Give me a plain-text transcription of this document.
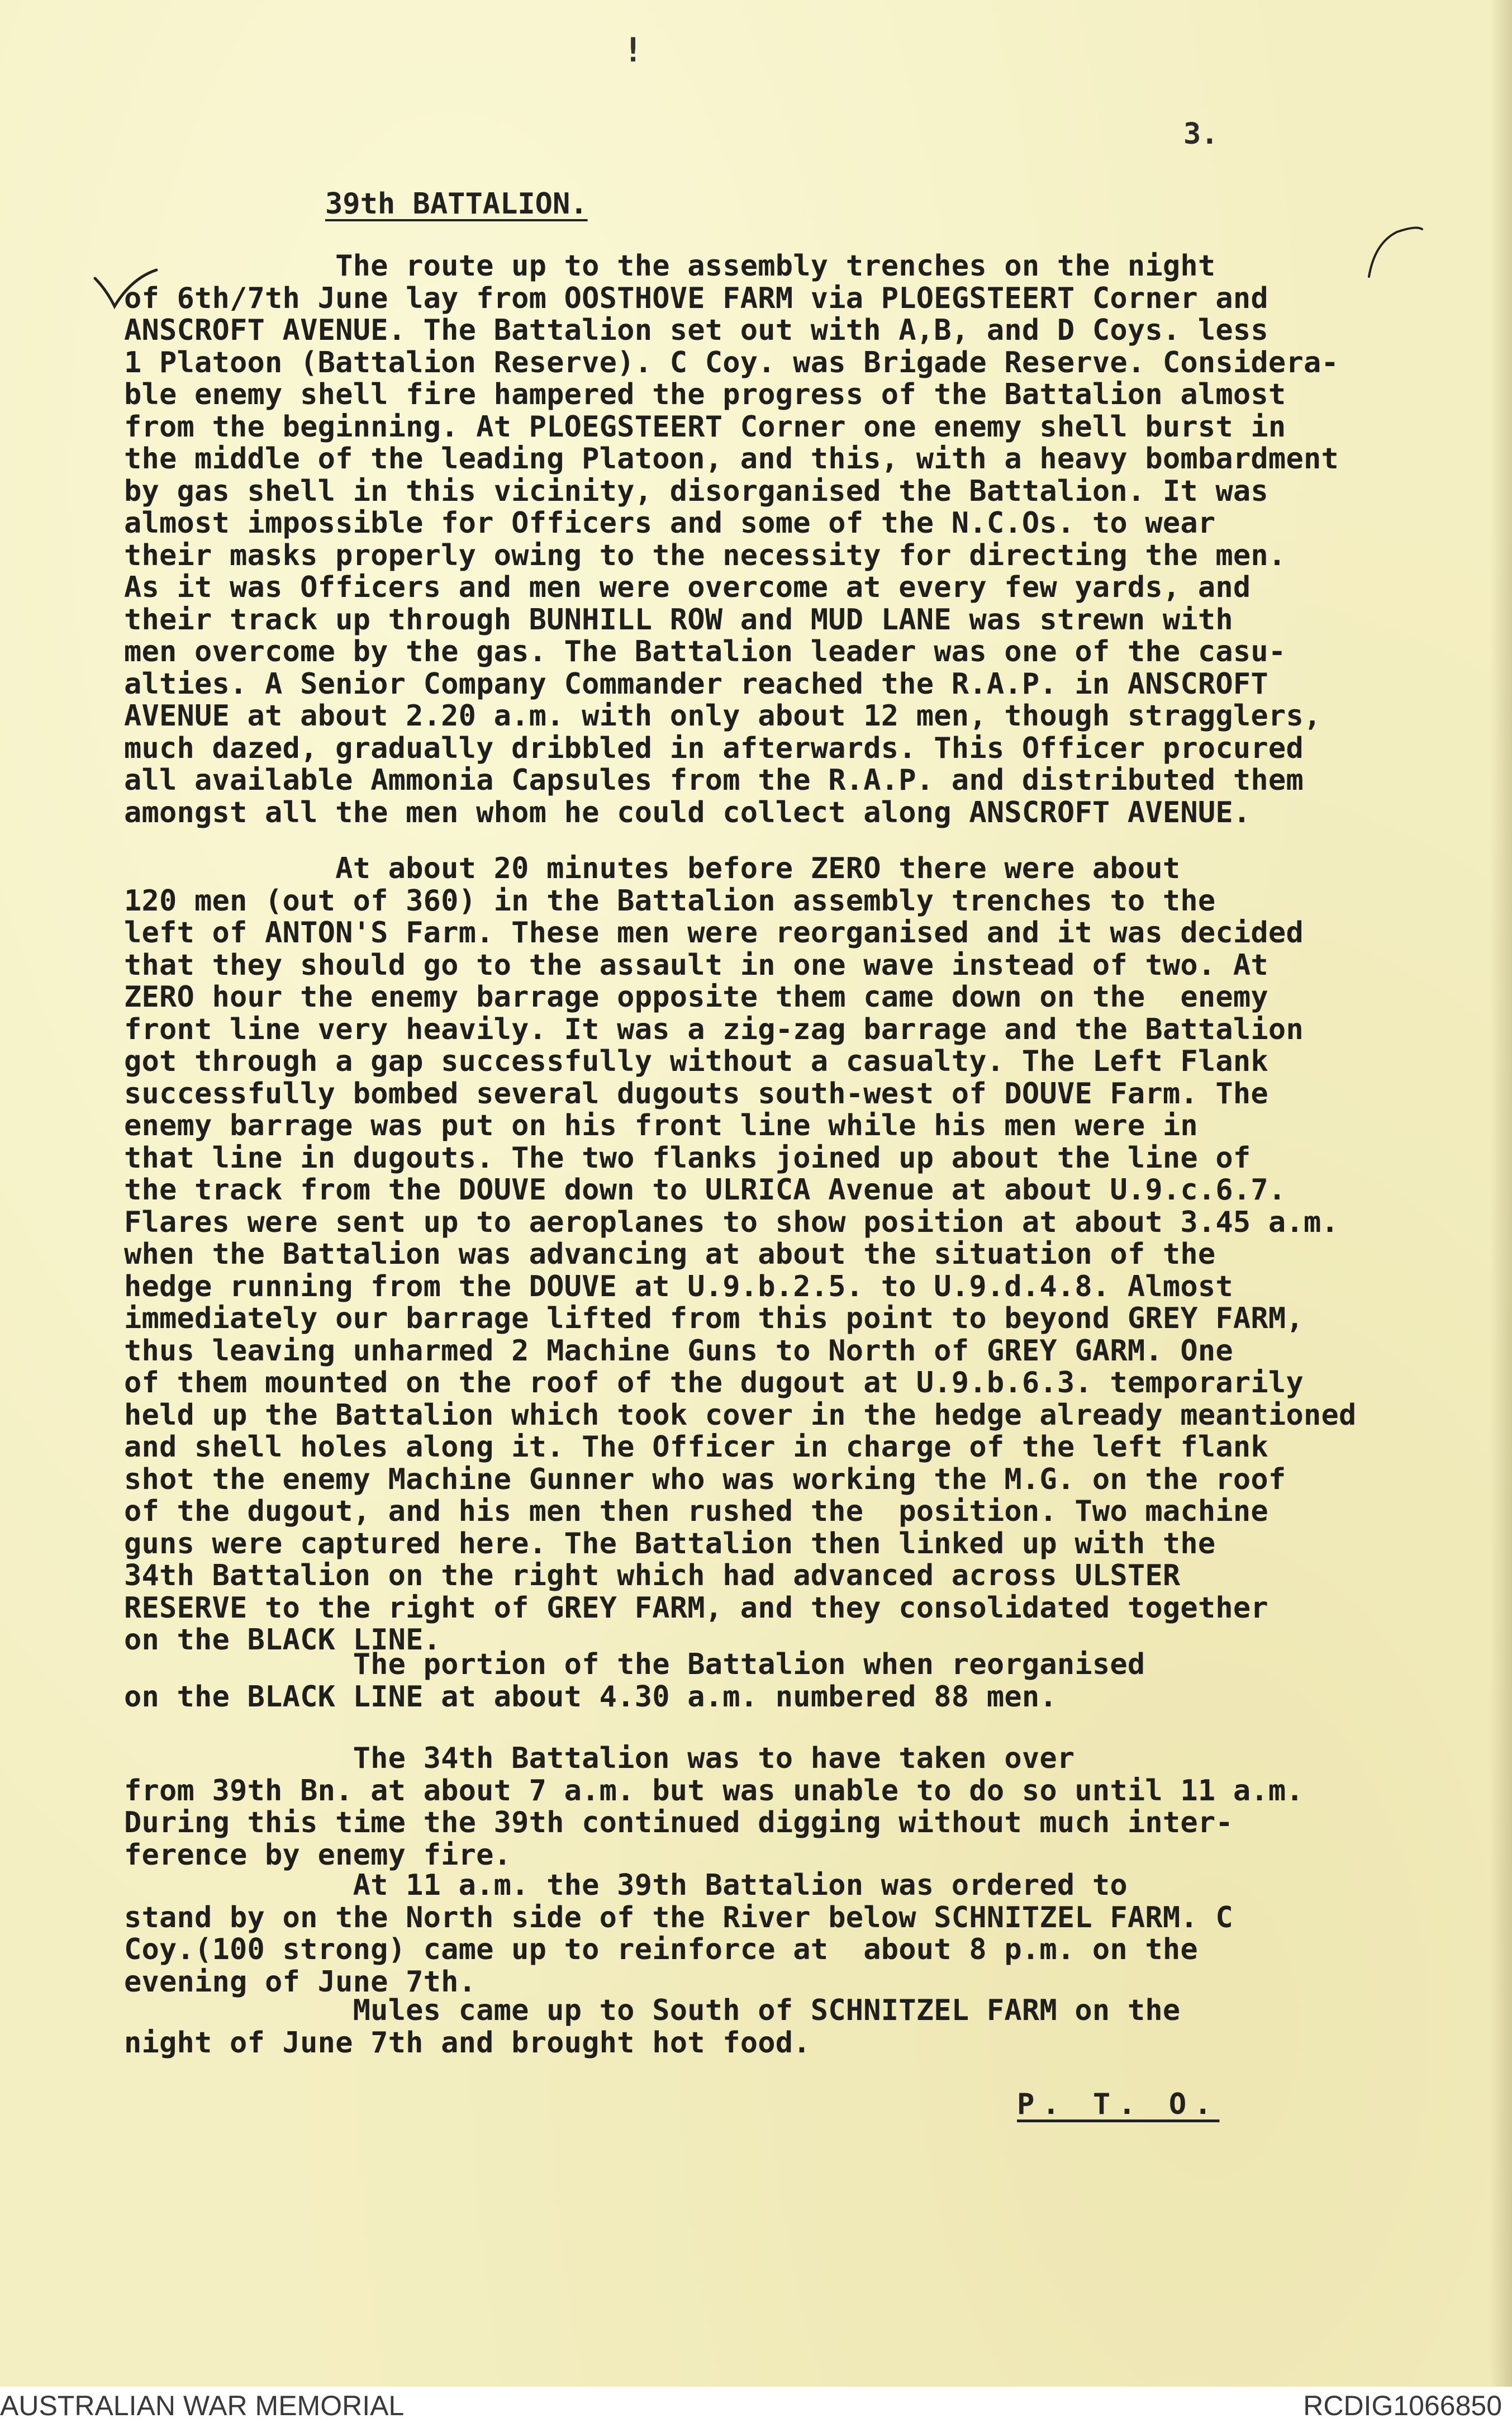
!
3.
39th BATTALION.
The route up to the assembly trenches on the night
of 6th/7th June lay from OOSTHOVE FARM via PLOEGSTEERT Corner and
ANSCROFT AVENUE. The Battalion set out with A,B, and D Coys. less
1 Platoon (Battalion Reserve). C Coy. was Brigade Reserve. Considera-
ble enemy shell fire hampered the progress of the Battalion almost
from the beginning. At PLOEGSTEERT Corner one enemy shell burst in
the middle of the leading Platoon, and this, with a heavy bombardment
by gas shell in this vicinity, disorganised the Battalion. It was
almost impossible for Officers and some of the N.C.Os. to wear
their masks properly owing to the necessity for directing the men.
As it was Officers and men were overcome at every few yards, and
their track up through BUNHILL ROW and MUD LANE was strewn with
men overcome by the gas. The Battalion leader was one of the casu-
alties. A Senior Company Commander reached the R.A.P. in ANSCROFT
AVENUE at about 2.20 a.m. with only about 12 men, though stragglers,
much dazed, gradually dribbled in afterwards. This Officer procured
all available Ammonia Capsules from the R.A.P. and distributed them
amongst all the men whom he could collect along ANSCROFT AVENUE.
At about 20 minutes before ZERO there were about
120 men (out of 360) in the Battalion assembly trenches to the
left of ANTON'S Farm. These men were reorganised and it was decided
that they should go to the assault in one wave instead of two. At
ZERO hour the enemy barrage opposite them came down on the  enemy
front line very heavily. It was a zig-zag barrage and the Battalion
got through a gap successfully without a casualty. The Left Flank
successfully bombed several dugouts south-west of DOUVE Farm. The
enemy barrage was put on his front line while his men were in
that line in dugouts. The two flanks joined up about the line of
the track from the DOUVE down to ULRICA Avenue at about U.9.c.6.7.
Flares were sent up to aeroplanes to show position at about 3.45 a.m.
when the Battalion was advancing at about the situation of the
hedge running from the DOUVE at U.9.b.2.5. to U.9.d.4.8. Almost
immediately our barrage lifted from this point to beyond GREY FARM,
thus leaving unharmed 2 Machine Guns to North of GREY GARM. One
of them mounted on the roof of the dugout at U.9.b.6.3. temporarily
held up the Battalion which took cover in the hedge already meantioned
and shell holes along it. The Officer in charge of the left flank
shot the enemy Machine Gunner who was working the M.G. on the roof
of the dugout, and his men then rushed the  position. Two machine
guns were captured here. The Battalion then linked up with the
34th Battalion on the right which had advanced across ULSTER
RESERVE to the right of GREY FARM, and they consolidated together
on the BLACK LINE.
The portion of the Battalion when reorganised
on the BLACK LINE at about 4.30 a.m. numbered 88 men.
The 34th Battalion was to have taken over
from 39th Bn. at about 7 a.m. but was unable to do so until 11 a.m.
During this time the 39th continued digging without much inter-
ference by enemy fire.
At 11 a.m. the 39th Battalion was ordered to
stand by on the North side of the River below SCHNITZEL FARM. C
Coy.(100 strong) came up to reinforce at  about 8 p.m. on the
evening of June 7th.
Mules came up to South of SCHNITZEL FARM on the
night of June 7th and brought hot food.
P. T. O.
AUSTRALIAN WAR MEMORIAL	RCDIG1066850
